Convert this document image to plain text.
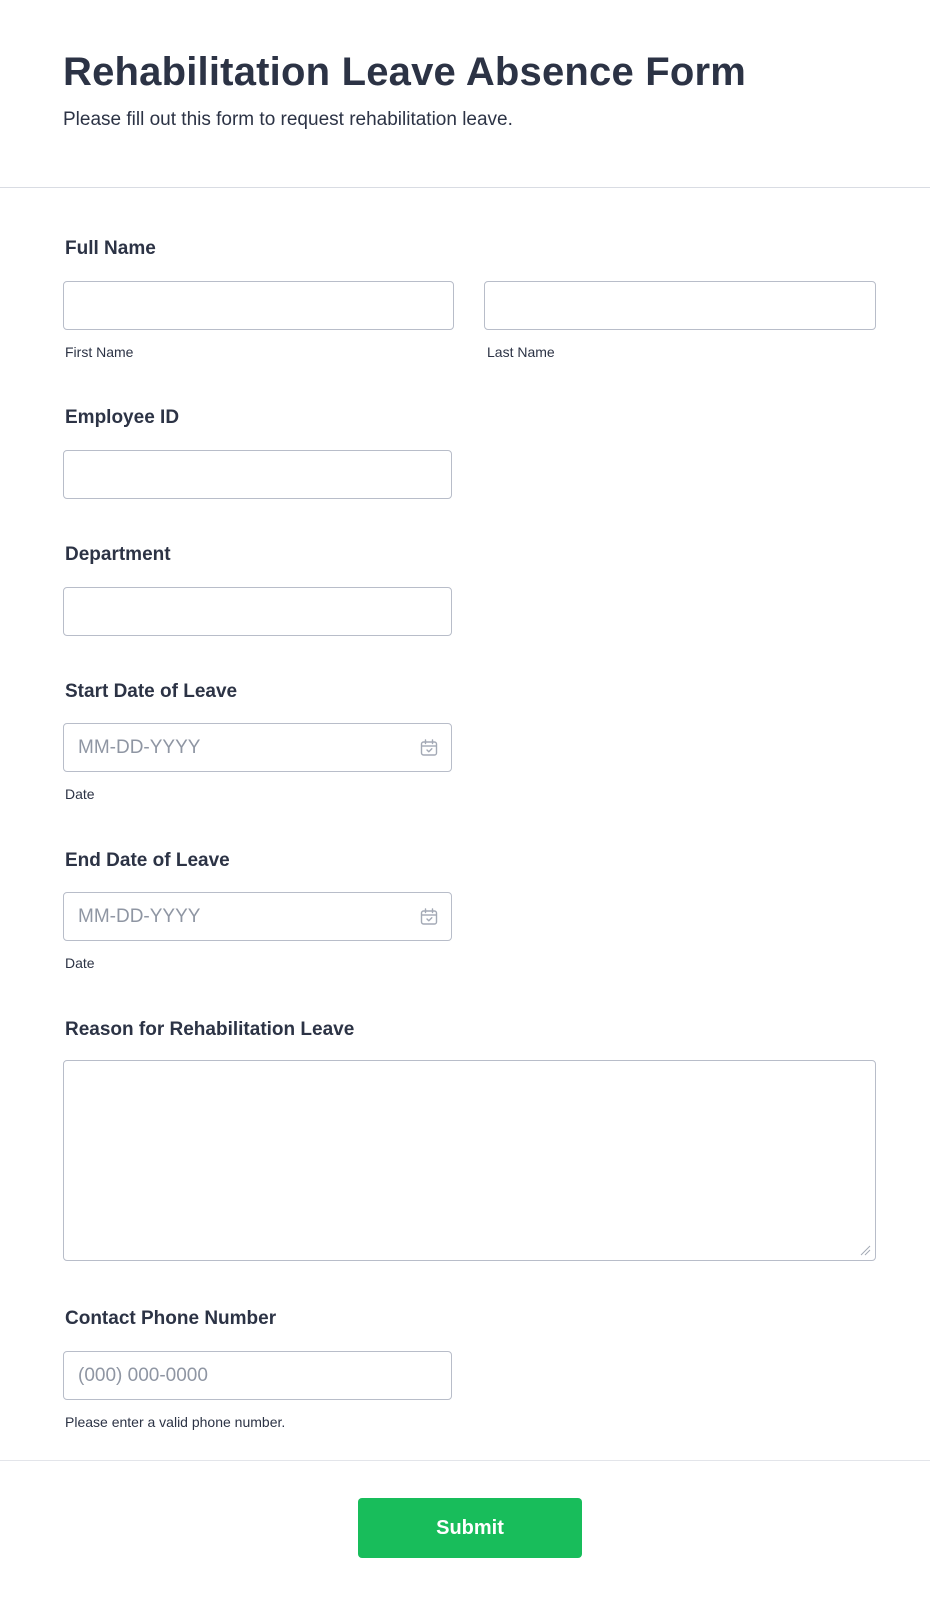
Rehabilitation Leave Absence Form

Please fill out this form to request rehabilitation leave.

Full Name
First Name	Last Name
Employee ID
Department
Start Date of Leave
MM-DD-YYYY
Date
End Date of Leave
MM-DD-YYYY
Date
Reason for Rehabilitation Leave
Contact Phone Number
(000) 000-0000
Please enter a valid phone number.
Submit
